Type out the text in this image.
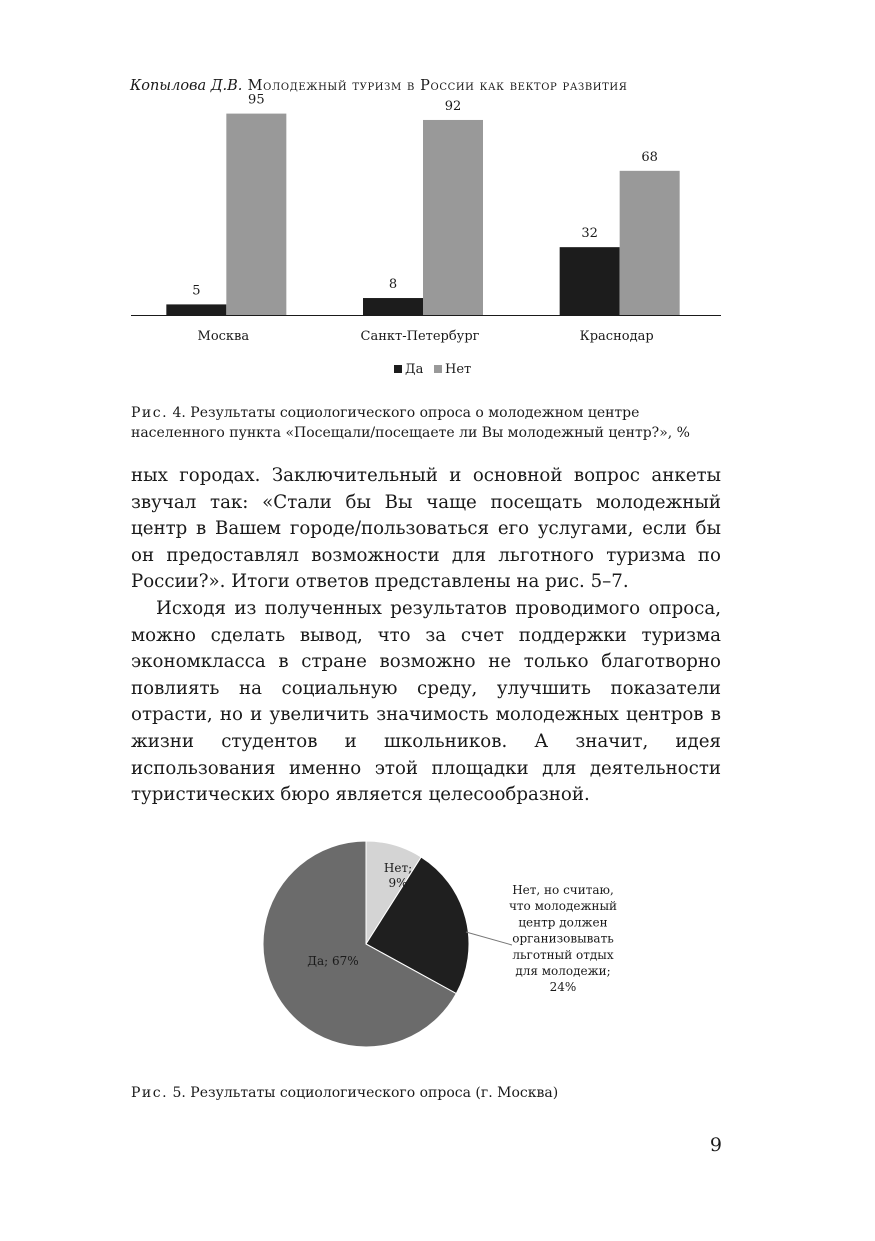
Копылова Д.В. Молодежный туризм в России как вектор развития
5
95
Москва
8
92
Санкт-Петербург
32
68
Краснодар
Да Нет
Рис. 4. Результаты социологического опроса о молодежном центре
населенного пункта «Посещали/посещаете ли Вы молодежный центр?», %

ных городах. Заключительный и основной вопрос анкеты звучал так: «Стали бы Вы чаще посещать молодежный центр в Вашем городе/пользоваться его услугами, если бы он предоставлял возможности для льготного туризма по России?». Итоги ответов представлены на рис. 5–7.

Исходя из полученных результатов проводимого опроса, можно сделать вывод, что за счет поддержки туризма экономкласса в стране возможно не только благотворно повлиять на социальную среду, улучшить показатели отрасти, но и увеличить значимость молодежных центров в жизни студентов и школьников. А значит, идея использования именно этой площадки для деятельности туристических бюро является целесообразной.

Нет;
9%
Да; 67%
Нет, но считаю,
что молодежный
центр должен
организовывать
льготный отдых
для молодежи;
24%
Рис. 5. Результаты социологического опроса (г. Москва)
9
